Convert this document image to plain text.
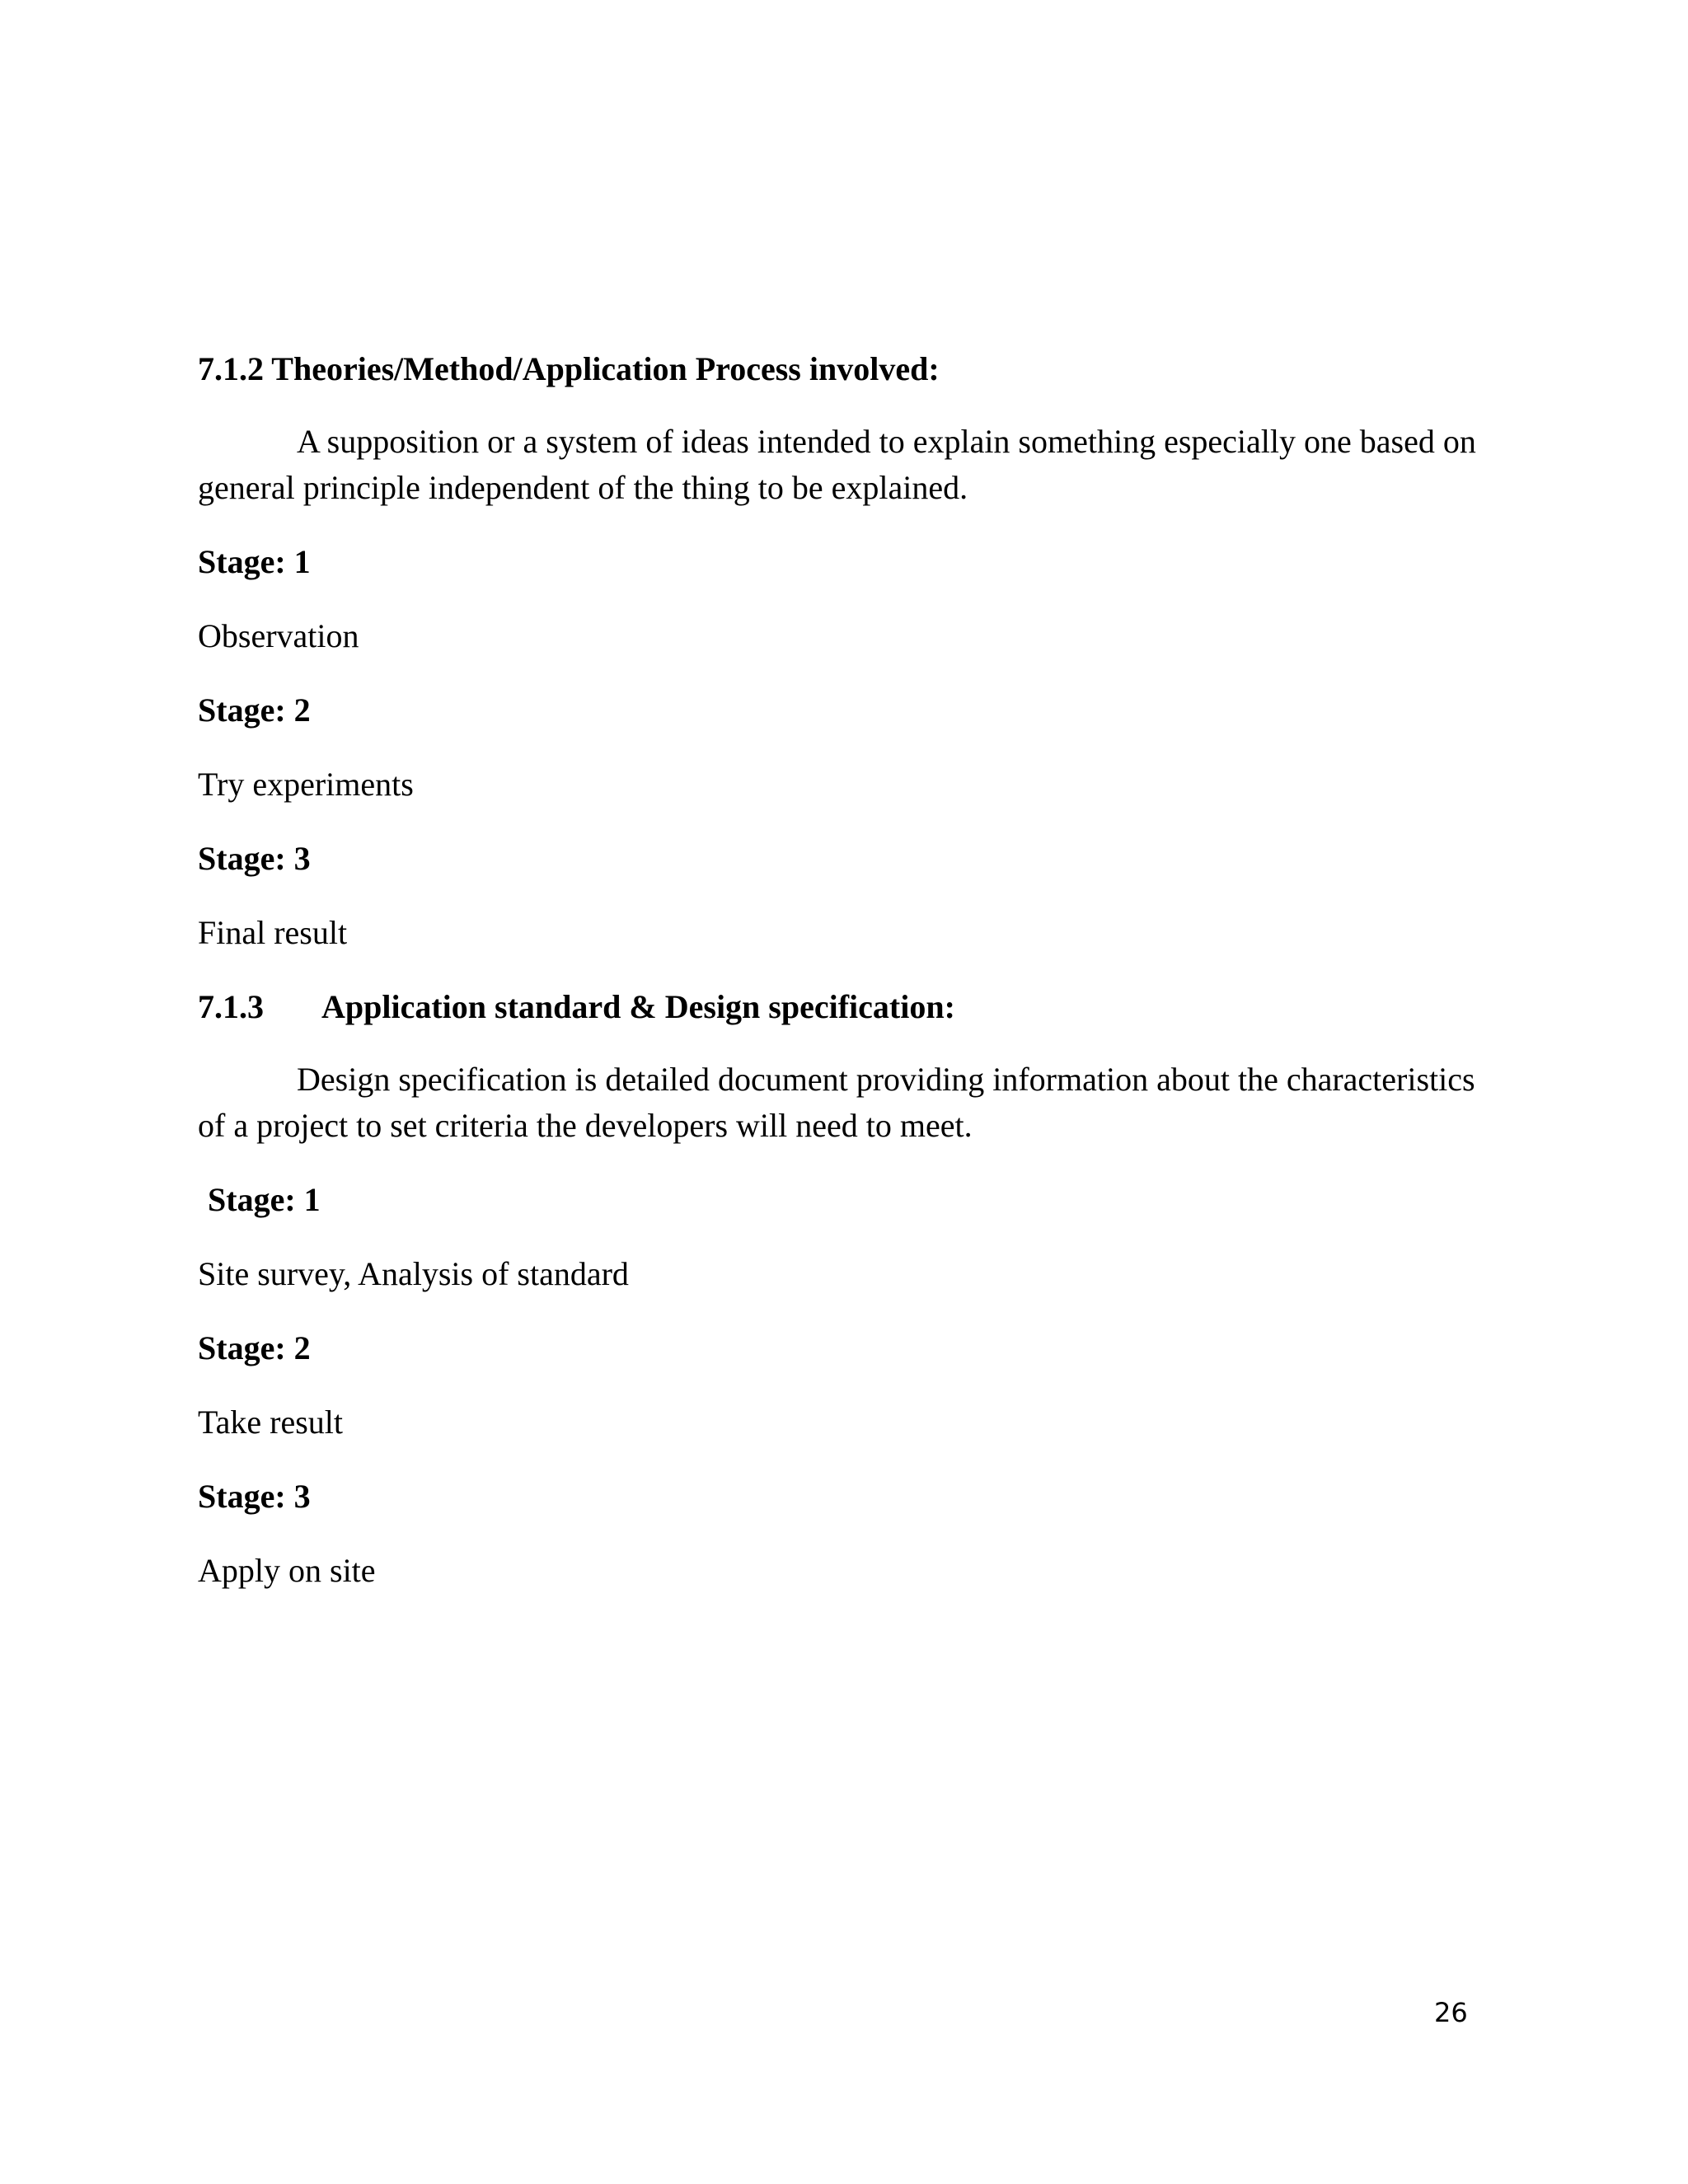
7.1.2 Theories/Method/Application Process involved:

A supposition or a system of ideas intended to explain something especially one based on general principle independent of the thing to be explained.

Stage: 1
Observation
Stage: 2
Try experiments
Stage: 3
Final result
7.1.3 Application standard & Design specification:

Design specification is detailed document providing information about the characteristics of a project to set criteria the developers will need to meet.

Stage: 1
Site survey, Analysis of standard
Stage: 2
Take result
Stage: 3
Apply on site
26
